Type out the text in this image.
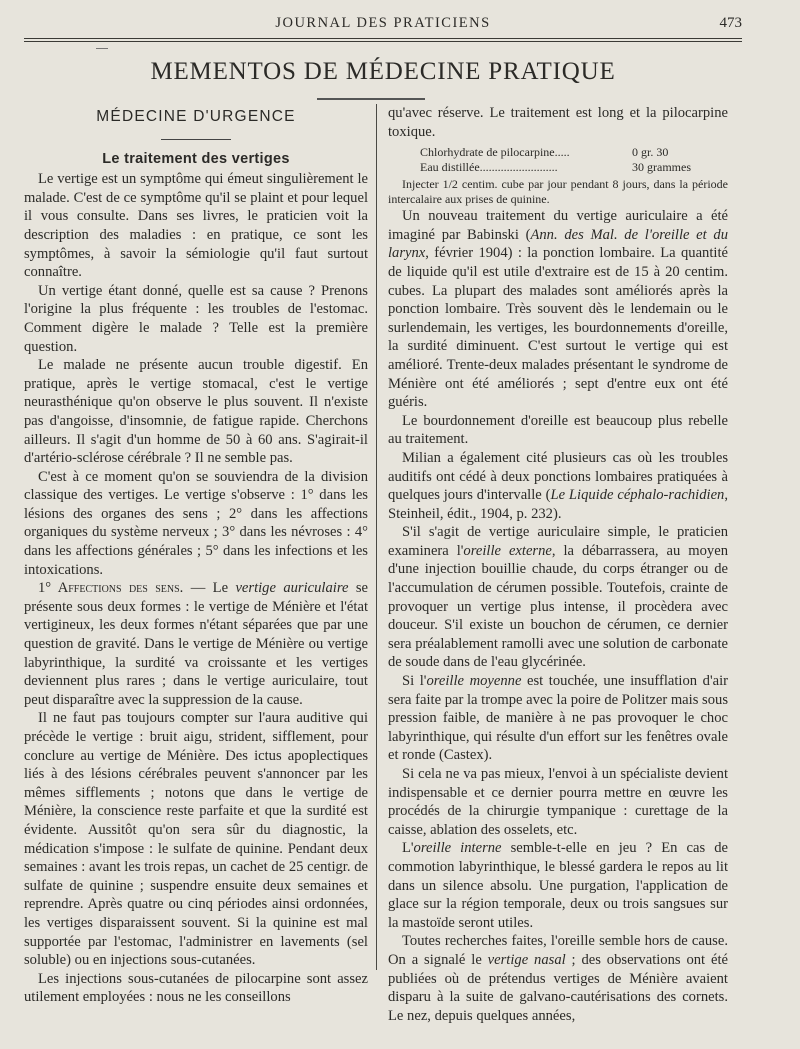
JOURNAL DES PRATICIENS	473
MEMENTOS DE MÉDECINE PRATIQUE
MÉDECINE D'URGENCE
Le traitement des vertiges

Le vertige est un symptôme qui émeut singulièrement le malade. C'est de ce symptôme qu'il se plaint et pour lequel il vous consulte. Dans ses livres, le praticien voit la description des maladies : en pratique, ce sont les symptômes, à savoir la sémiologie qu'il faut surtout connaître.

Un vertige étant donné, quelle est sa cause ? Prenons l'origine la plus fréquente : les troubles de l'estomac. Comment digère le malade ? Telle est la première question.

Le malade ne présente aucun trouble digestif. En pratique, après le vertige stomacal, c'est le vertige neurasthénique qu'on observe le plus souvent. Il n'existe pas d'angoisse, d'insomnie, de fatigue rapide. Cherchons ailleurs. Il s'agit d'un homme de 50 à 60 ans. S'agirait-il d'artério-sclérose cérébrale ? Il ne semble pas.

C'est à ce moment qu'on se souviendra de la division classique des vertiges. Le vertige s'observe : 1° dans les lésions des organes des sens ; 2° dans les affections organiques du système nerveux ; 3° dans les névroses : 4° dans les affections générales ; 5° dans les infections et les intoxications.

1° Affections des sens. — Le vertige auriculaire se présente sous deux formes : le vertige de Ménière et l'état vertigineux, les deux formes n'étant séparées que par une question de gravité. Dans le vertige de Ménière ou vertige labyrinthique, la surdité va croissante et les vertiges deviennent plus rares ; dans le vertige auriculaire, tout peut disparaître avec la suppression de la cause.

Il ne faut pas toujours compter sur l'aura auditive qui précède le vertige : bruit aigu, strident, sifflement, pour conclure au vertige de Ménière. Des ictus apoplectiques liés à des lésions cérébrales peuvent s'annoncer par les mêmes sifflements ; notons que dans le vertige de Ménière, la conscience reste parfaite et que la surdité est évidente. Aussitôt qu'on sera sûr du diagnostic, la médication s'impose : le sulfate de quinine. Pendant deux semaines : avant les trois repas, un cachet de 25 centigr. de sulfate de quinine ; suspendre ensuite deux semaines et reprendre. Après quatre ou cinq périodes ainsi ordonnées, les vertiges disparaissent souvent. Si la quinine est mal supportée par l'estomac, l'administrer en lavements (sel soluble) ou en injections sous-cutanées.

Les injections sous-cutanées de pilocarpine sont assez utilement employées : nous ne les conseillons

qu'avec réserve. Le traitement est long et la pilocarpine toxique.

Chlorhydrate de pilocarpine.....	0 gr. 30
Eau distillée..........................	30 grammes

Injecter 1/2 centim. cube par jour pendant 8 jours, dans la période intercalaire aux prises de quinine.

Un nouveau traitement du vertige auriculaire a été imaginé par Babinski (Ann. des Mal. de l'oreille et du larynx, février 1904) : la ponction lombaire. La quantité de liquide qu'il est utile d'extraire est de 15 à 20 centim. cubes. La plupart des malades sont améliorés après la ponction lombaire. Très souvent dès le lendemain ou le surlendemain, les vertiges, les bourdonnements d'oreille, la surdité diminuent. C'est surtout le vertige qui est amélioré. Trente-deux malades présentant le syndrome de Ménière ont été améliorés ; sept d'entre eux ont été guéris.

Le bourdonnement d'oreille est beaucoup plus rebelle au traitement.

Milian a également cité plusieurs cas où les troubles auditifs ont cédé à deux ponctions lombaires pratiquées à quelques jours d'intervalle (Le Liquide céphalo-rachidien, Steinheil, édit., 1904, p. 232).

S'il s'agit de vertige auriculaire simple, le praticien examinera l'oreille externe, la débarrassera, au moyen d'une injection bouillie chaude, du corps étranger ou de l'accumulation de cérumen possible. Toutefois, crainte de provoquer un vertige plus intense, il procèdera avec douceur. S'il existe un bouchon de cérumen, ce dernier sera préalablement ramolli avec une solution de carbonate de soude dans de l'eau glycérinée.

Si l'oreille moyenne est touchée, une insufflation d'air sera faite par la trompe avec la poire de Politzer mais sous pression faible, de manière à ne pas provoquer le choc labyrinthique, qui résulte d'un effort sur les fenêtres ovale et ronde (Castex).

Si cela ne va pas mieux, l'envoi à un spécialiste devient indispensable et ce dernier pourra mettre en œuvre les procédés de la chirurgie tympanique : curettage de la caisse, ablation des osselets, etc.

L'oreille interne semble-t-elle en jeu ? En cas de commotion labyrinthique, le blessé gardera le repos au lit dans un silence absolu. Une purgation, l'application de glace sur la région temporale, deux ou trois sangsues sur la mastoïde seront utiles.

Toutes recherches faites, l'oreille semble hors de cause. On a signalé le vertige nasal ; des observations ont été publiées où de prétendus vertiges de Ménière avaient disparu à la suite de galvano-cautérisations des cornets. Le nez, depuis quelques années,
